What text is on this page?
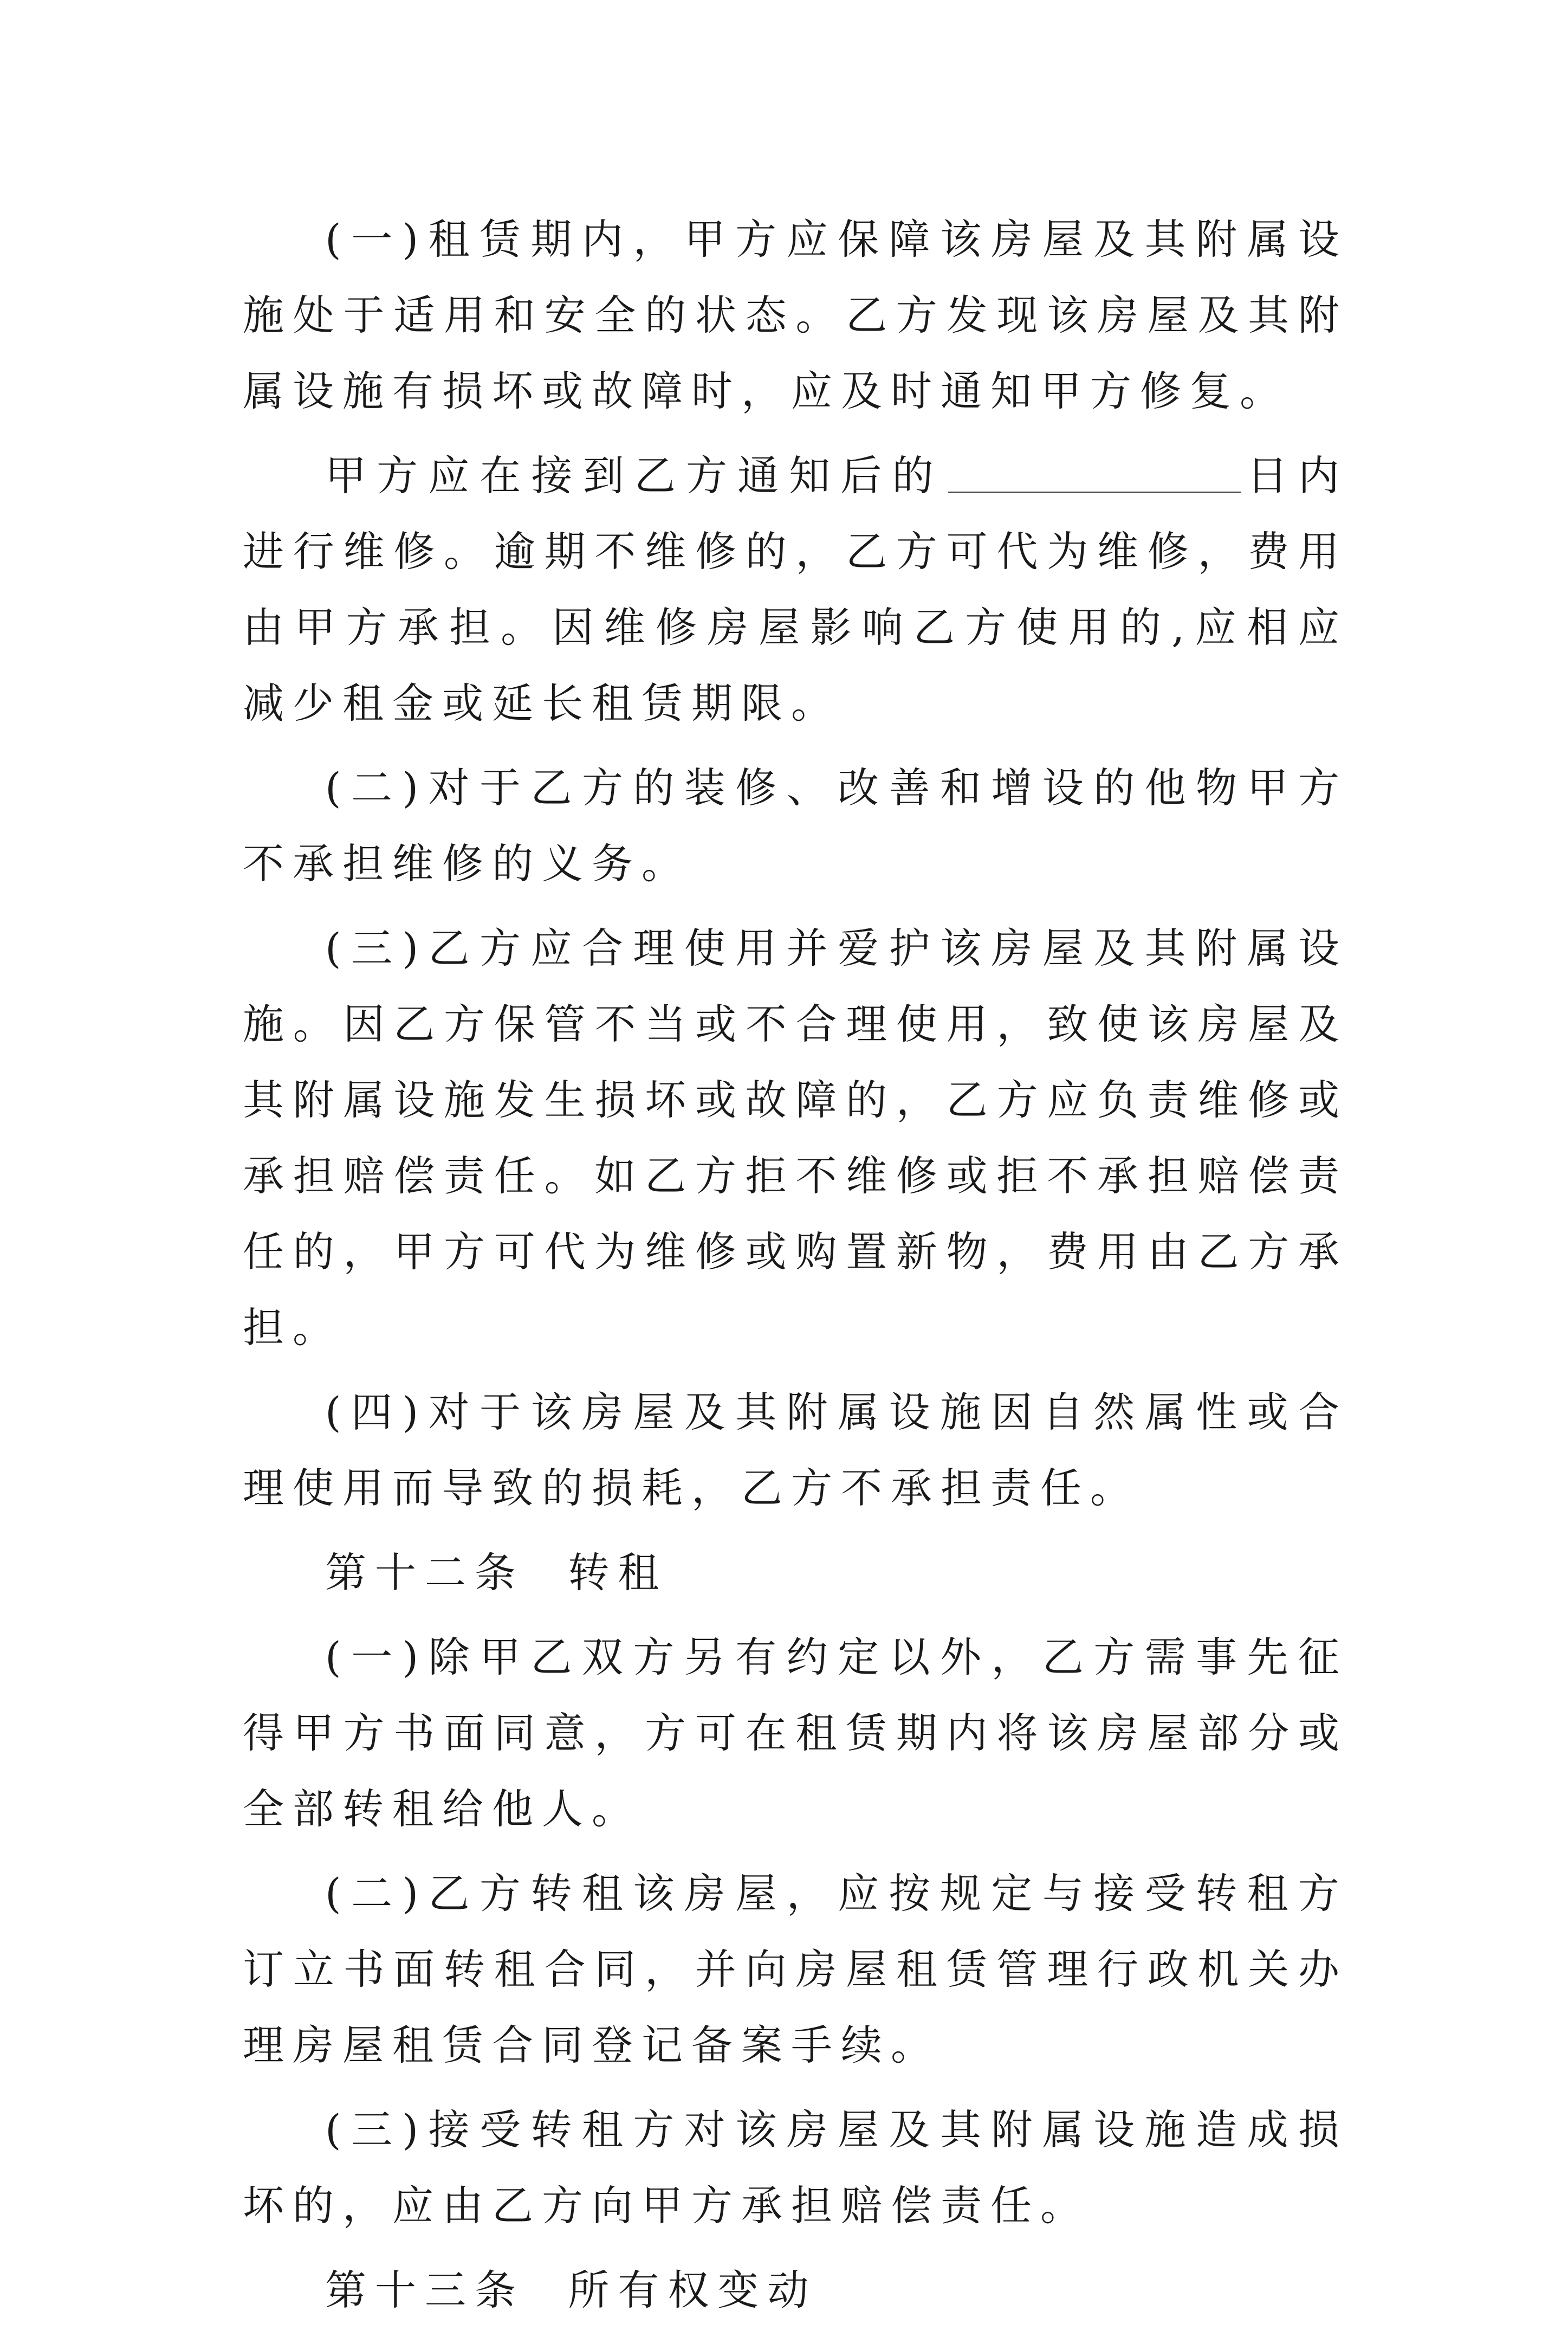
(一)租赁期内，甲方应保障该房屋及其附属设施处于适用和安全的状态。乙方发现该房屋及其附属设施有损坏或故障时，应及时通知甲方修复。

甲方应在接到乙方通知后的	日内进行维修。逾期不维修的，乙方可代为维修，费用由甲方承担。因维修房屋影响乙方使用的,应相应减少租金或延长租赁期限。

(二)对于乙方的装修、改善和增设的他物甲方不承担维修的义务。

(三)乙方应合理使用并爱护该房屋及其附属设施。因乙方保管不当或不合理使用，致使该房屋及其附属设施发生损坏或故障的，乙方应负责维修或承担赔偿责任。如乙方拒不维修或拒不承担赔偿责任的，甲方可代为维修或购置新物，费用由乙方承担。

(四)对于该房屋及其附属设施因自然属性或合理使用而导致的损耗，乙方不承担责任。

第十二条  转租

(一)除甲乙双方另有约定以外，乙方需事先征得甲方书面同意，方可在租赁期内将该房屋部分或全部转租给他人。

(二)乙方转租该房屋，应按规定与接受转租方订立书面转租合同，并向房屋租赁管理行政机关办理房屋租赁合同登记备案手续。

(三)接受转租方对该房屋及其附属设施造成损坏的，应由乙方向甲方承担赔偿责任。

第十三条  所有权变动
